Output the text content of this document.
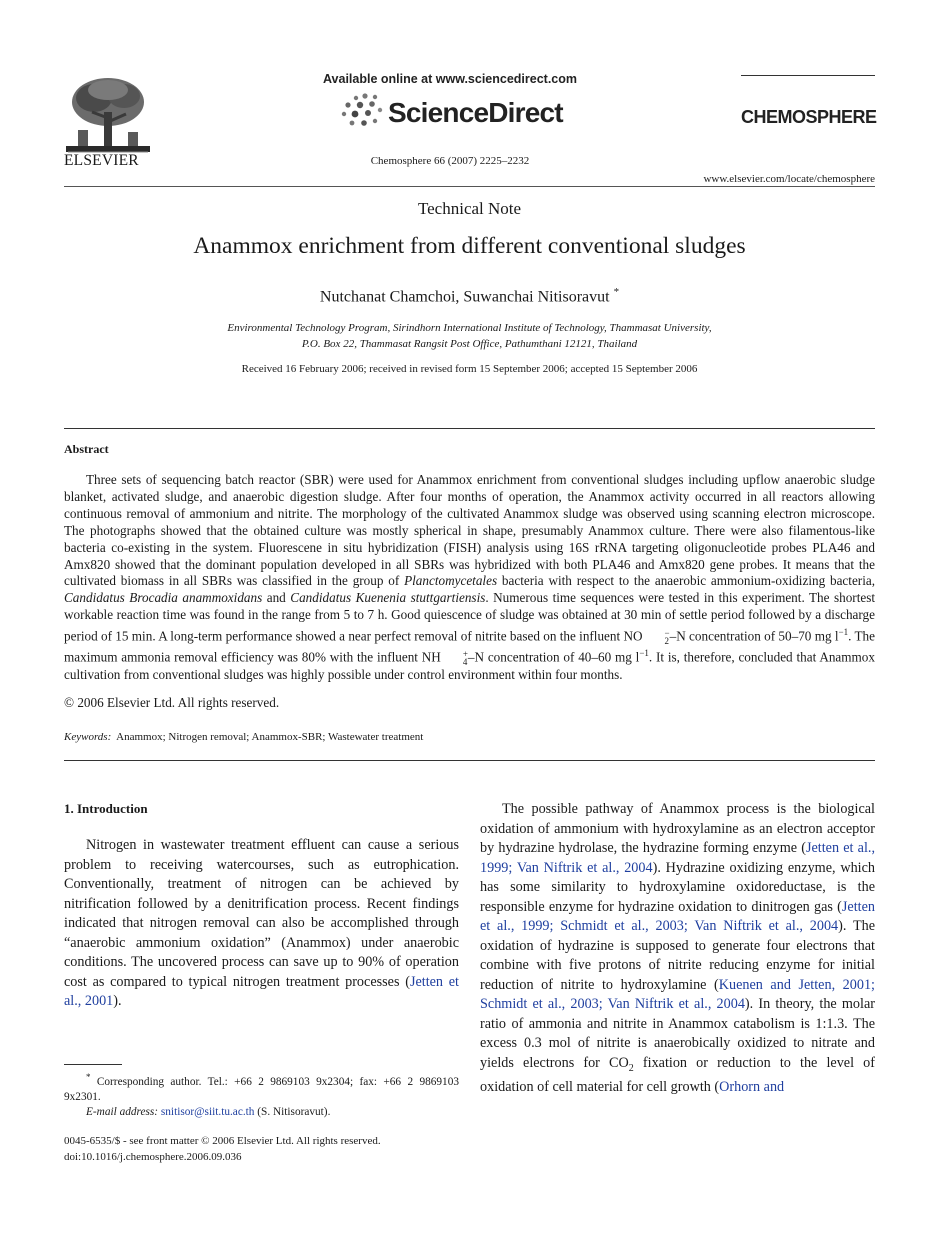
ELSEVIER
Available online at www.sciencedirect.com
ScienceDirect
Chemosphere 66 (2007) 2225–2232
CHEMOSPHERE
www.elsevier.com/locate/chemosphere
Technical Note
Anammox enrichment from different conventional sludges
Nutchanat Chamchoi, Suwanchai Nitisoravut *
Environmental Technology Program, Sirindhorn International Institute of Technology, Thammasat University,
P.O. Box 22, Thammasat Rangsit Post Office, Pathumthani 12121, Thailand
Received 16 February 2006; received in revised form 15 September 2006; accepted 15 September 2006
Abstract

Three sets of sequencing batch reactor (SBR) were used for Anammox enrichment from conventional sludges including upflow anaerobic sludge blanket, activated sludge, and anaerobic digestion sludge. After four months of operation, the Anammox activity occurred in all reactors allowing continuous removal of ammonium and nitrite. The morphology of the cultivated Anammox sludge was observed using scanning electron microscope. The photographs showed that the obtained culture was mostly spherical in shape, presumably Anammox culture. There were also filamentous-like bacteria co-existing in the system. Fluorescene in situ hybridization (FISH) analysis using 16S rRNA targeting oligonucleotide probes PLA46 and Amx820 showed that the dominant population developed in all SBRs was hybridized with both PLA46 and Amx820 gene probes. It means that the cultivated biomass in all SBRs was classified in the group of Planctomycetales bacteria with respect to the anaerobic ammonium-oxidizing bacteria, Candidatus Brocadia anammoxidans and Candidatus Kuenenia stuttgartiensis. Numerous time sequences were tested in this experiment. The shortest workable reaction time was found in the range from 5 to 7 h. Good quiescence of sludge was obtained at 30 min of settle period followed by a discharge period of 15 min. A long-term performance showed a near perfect removal of nitrite based on the influent NO	−
2 –N concentration of 50–70 mg $l^{-1}$. The maximum ammonia removal efficiency was 80% with the influent NH	+
4 –N concentration of 40–60 mg $l^{-1}$. It is, therefore, concluded that Anammox cultivation from conventional sludges was highly possible under control environment within four months.

© 2006 Elsevier Ltd. All rights reserved.
Keywords: Anammox; Nitrogen removal; Anammox-SBR; Wastewater treatment
1. Introduction

Nitrogen in wastewater treatment effluent can cause a serious problem to receiving watercourses, such as eutrophication. Conventionally, treatment of nitrogen can be achieved by nitrification followed by a denitrification process. Recent findings indicated that nitrogen removal can also be accomplished through “anaerobic ammonium oxidation” (Anammox) under anaerobic conditions. The uncovered process can save up to 90% of operation cost as compared to typical nitrogen treatment processes (Jetten et al., 2001).

The possible pathway of Anammox process is the biological oxidation of ammonium with hydroxylamine as an electron acceptor by hydrazine hydrolase, the hydrazine forming enzyme (Jetten et al., 1999; Van Niftrik et al., 2004). Hydrazine oxidizing enzyme, which has some similarity to hydroxylamine oxidoreductase, is the responsible enzyme for hydrazine oxidation to dinitrogen gas (Jetten et al., 1999; Schmidt et al., 2003; Van Niftrik et al., 2004). The oxidation of hydrazine is supposed to generate four electrons that combine with five protons of nitrite reducing enzyme for initial reduction of nitrite to hydroxylamine (Kuenen and Jetten, 2001; Schmidt et al., 2003; Van Niftrik et al., 2004). In theory, the molar ratio of ammonia and nitrite in Anammox catabolism is 1:1.3. The excess 0.3 mol of nitrite is anaerobically oxidized to nitrate and yields electrons for $CO_2$ fixation or reduction to the level of oxidation of cell material for cell growth (Orhorn and

* Corresponding author. Tel.: +66 2 9869103 9x2304; fax: +66 2 9869103 9x2301.

E-mail address: snitisor@siit.tu.ac.th (S. Nitisoravut).

0045-6535/$ - see front matter © 2006 Elsevier Ltd. All rights reserved.
doi:10.1016/j.chemosphere.2006.09.036
